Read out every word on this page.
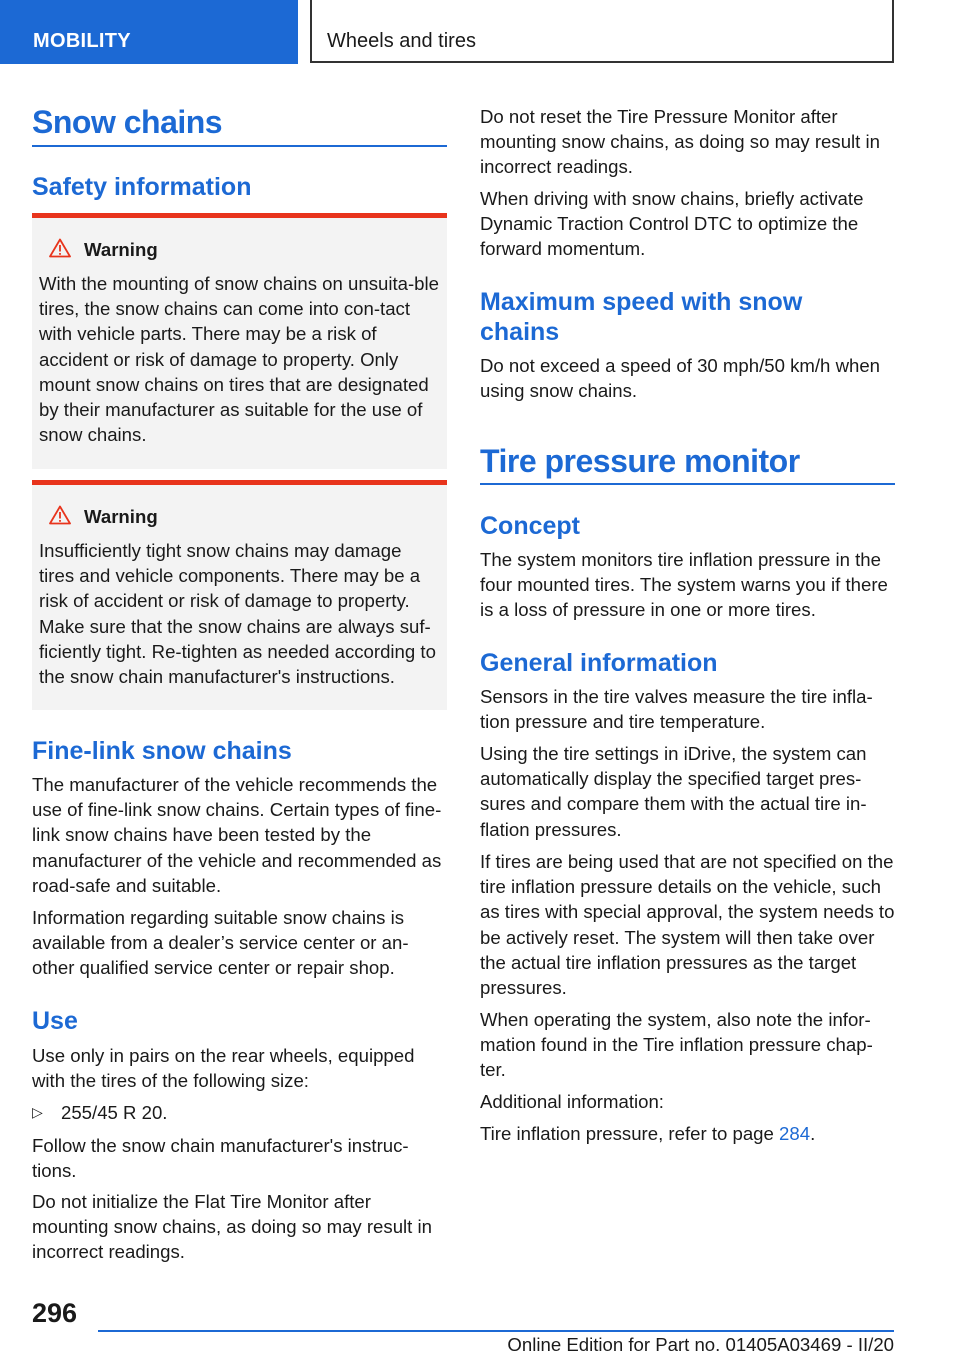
MOBILITY	Wheels and tires
Snow chains
Safety information
Warning

With the mounting of snow chains on unsuita-ble tires, the snow chains can come into con-tact with vehicle parts. There may be a risk of accident or risk of damage to property. Only mount snow chains on tires that are designated by their manufacturer as suitable for the use of snow chains.

Warning

Insufficiently tight snow chains may damage tires and vehicle components. There may be a risk of accident or risk of damage to property. Make sure that the snow chains are always suf-ficiently tight. Re-tighten as needed according to the snow chain manufacturer's instructions.

Fine-link snow chains

The manufacturer of the vehicle recommends the use of fine-link snow chains. Certain types of fine-link snow chains have been tested by the manufacturer of the vehicle and recommended as road-safe and suitable.

Information regarding suitable snow chains is available from a dealer’s service center or an-other qualified service center or repair shop.

Use

Use only in pairs on the rear wheels, equipped with the tires of the following size:

▷ 255/45 R 20.

Follow the snow chain manufacturer's instruc-tions.

Do not initialize the Flat Tire Monitor after mounting snow chains, as doing so may result in incorrect readings.

Do not reset the Tire Pressure Monitor after mounting snow chains, as doing so may result in incorrect readings.

When driving with snow chains, briefly activate Dynamic Traction Control DTC to optimize the forward momentum.

Maximum speed with snow chains

Do not exceed a speed of 30 mph/50 km/h when using snow chains.

Tire pressure monitor
Concept

The system monitors tire inflation pressure in the four mounted tires. The system warns you if there is a loss of pressure in one or more tires.

General information

Sensors in the tire valves measure the tire infla-tion pressure and tire temperature.

Using the tire settings in iDrive, the system can automatically display the specified target pres-sures and compare them with the actual tire in-flation pressures.

If tires are being used that are not specified on the tire inflation pressure details on the vehicle, such as tires with special approval, the system needs to be actively reset. The system will then take over the actual tire inflation pressures as the target pressures.

When operating the system, also note the infor-mation found in the Tire inflation pressure chap-ter.

Additional information:

Tire inflation pressure, refer to page 284.

296
Online Edition for Part no. 01405A03469 - II/20
